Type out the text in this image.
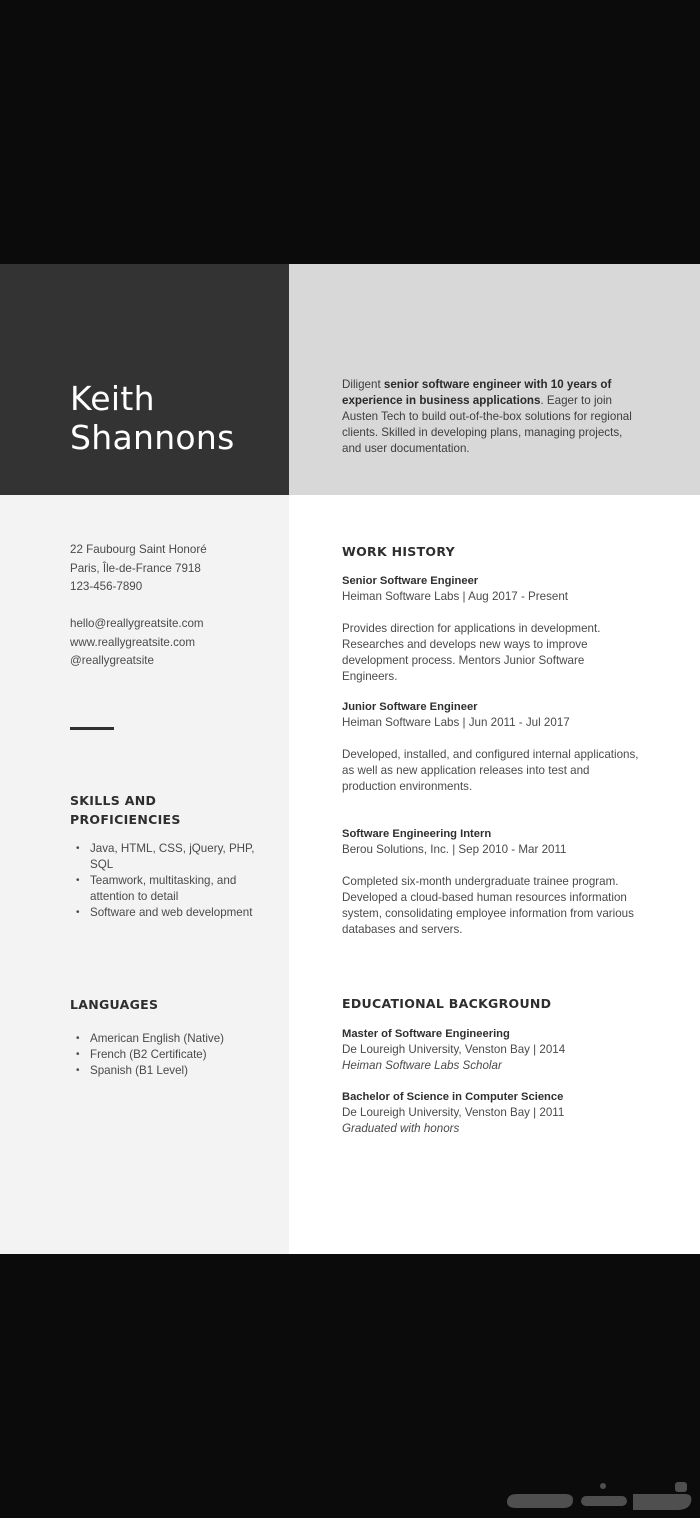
Keith
Shannons

Diligent senior software engineer with 10 years of experience in business applications. Eager to join Austen Tech to build out-of-the-box solutions for regional clients. Skilled in developing plans, managing projects, and user documentation.

22 Faubourg Saint Honoré
Paris, Île-de-France 7918
123-456-7890
hello@reallygreatsite.com
www.reallygreatsite.com
@reallygreatsite
SKILLS AND PROFICIENCIES
• Java, HTML, CSS, jQuery, PHP, SQL
• Teamwork, multitasking, and attention to detail
• Software and web development
LANGUAGES
• American English (Native)
• French (B2 Certificate)
• Spanish (B1 Level)
WORK HISTORY
Senior Software Engineer
Heiman Software Labs | Aug 2017 - Present
Provides direction for applications in development. Researches and develops new ways to improve development process. Mentors Junior Software Engineers.
Junior Software Engineer
Heiman Software Labs | Jun 2011 - Jul 2017
Developed, installed, and configured internal applications, as well as new application releases into test and production environments.
Software Engineering Intern
Berou Solutions, Inc. | Sep 2010 - Mar 2011
Completed six-month undergraduate trainee program. Developed a cloud-based human resources information system, consolidating employee information from various databases and servers.
EDUCATIONAL BACKGROUND
Master of Software Engineering
De Loureigh University, Venston Bay | 2014
Heiman Software Labs Scholar
Bachelor of Science in Computer Science
De Loureigh University, Venston Bay | 2011
Graduated with honors
